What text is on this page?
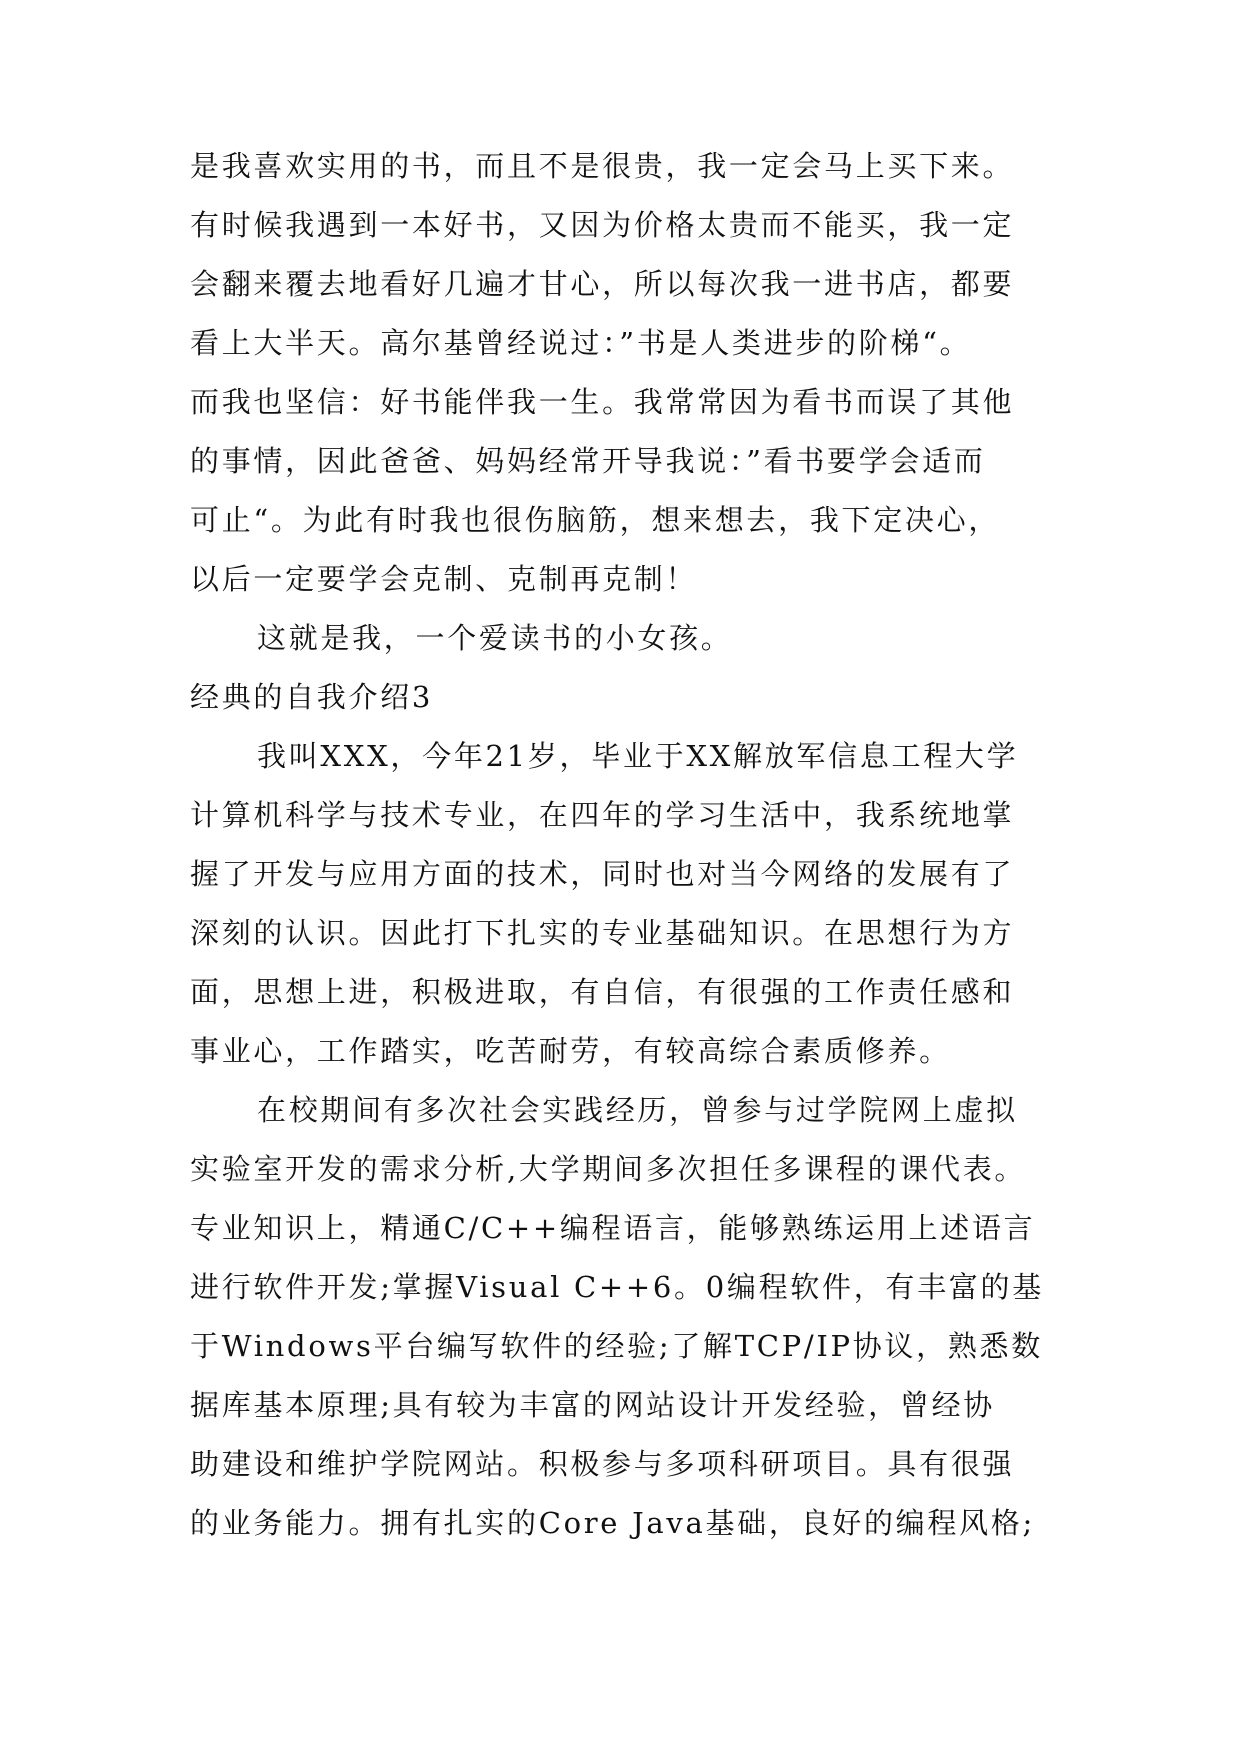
是我喜欢实用的书，而且不是很贵，我一定会马上买下来。
有时候我遇到一本好书，又因为价格太贵而不能买，我一定
会翻来覆去地看好几遍才甘心，所以每次我一进书店，都要
看上大半天。高尔基曾经说过：”书是人类进步的阶梯“。
而我也坚信：好书能伴我一生。我常常因为看书而误了其他
的事情，因此爸爸、妈妈经常开导我说：”看书要学会适而
可止“。为此有时我也很伤脑筋，想来想去，我下定决心，
以后一定要学会克制、克制再克制！
这就是我，一个爱读书的小女孩。
经典的自我介绍3
我叫XXX，今年21岁，毕业于XX解放军信息工程大学
计算机科学与技术专业，在四年的学习生活中，我系统地掌
握了开发与应用方面的技术，同时也对当今网络的发展有了
深刻的认识。因此打下扎实的专业基础知识。在思想行为方
面，思想上进，积极进取，有自信，有很强的工作责任感和
事业心，工作踏实，吃苦耐劳，有较高综合素质修养。
在校期间有多次社会实践经历，曾参与过学院网上虚拟
实验室开发的需求分析,大学期间多次担任多课程的课代表。
专业知识上，精通C/C++编程语言，能够熟练运用上述语言
进行软件开发;掌握Visual C++6。0编程软件，有丰富的基
于Windows平台编写软件的经验;了解TCP/IP协议，熟悉数
据库基本原理;具有较为丰富的网站设计开发经验，曾经协
助建设和维护学院网站。积极参与多项科研项目。具有很强
的业务能力。拥有扎实的Core Java基础，良好的编程风格;
